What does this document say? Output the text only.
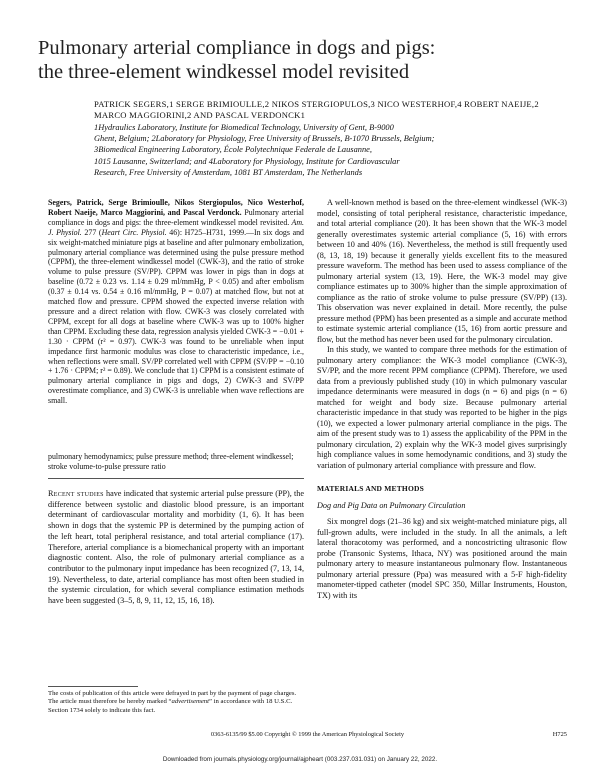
Pulmonary arterial compliance in dogs and pigs:
the three-element windkessel model revisited
PATRICK SEGERS,1 SERGE BRIMIOULLE,2 NIKOS STERGIOPULOS,3 NICO WESTERHOF,4 ROBERT NAEIJE,2 MARCO MAGGIORINI,2 AND PASCAL VERDONCK1
1Hydraulics Laboratory, Institute for Biomedical Technology, University of Gent, B-9000
Ghent, Belgium; 2Laboratory for Physiology, Free University of Brussels, B-1070 Brussels, Belgium;
3Biomedical Engineering Laboratory, École Polytechnique Federale de Lausanne,
1015 Lausanne, Switzerland; and 4Laboratory for Physiology, Institute for Cardiovascular
Research, Free University of Amsterdam, 1081 BT Amsterdam, The Netherlands
Segers, Patrick, Serge Brimioulle, Nikos Stergiopulos, Nico Westerhof, Robert Naeije, Marco Maggiorini, and Pascal Verdonck. Pulmonary arterial compliance in dogs and pigs: the three-element windkessel model revisited. Am. J. Physiol. 277 (Heart Circ. Physiol. 46): H725–H731, 1999.—In six dogs and six weight-matched miniature pigs at baseline and after pulmonary embolization, pulmonary arterial compliance was determined using the pulse pressure method (CPPM), the three-element windkessel model (CWK-3), and the ratio of stroke volume to pulse pressure (SV/PP). CPPM was lower in pigs than in dogs at baseline (0.72 ± 0.23 vs. 1.14 ± 0.29 ml/mmHg, P < 0.05) and after embolism (0.37 ± 0.14 vs. 0.54 ± 0.16 ml/mmHg, P = 0.07) at matched flow, but not at matched flow and pressure. CPPM showed the expected inverse relation with pressure and a direct relation with flow. CWK-3 was closely correlated with CPPM, except for all dogs at baseline where CWK-3 was up to 100% higher than CPPM. Excluding these data, regression analysis yielded CWK-3 = −0.01 + 1.30 · CPPM (r² = 0.97). CWK-3 was found to be unreliable when input impedance first harmonic modulus was close to characteristic impedance, i.e., when reflections were small. SV/PP correlated well with CPPM (SV/PP = −0.10 + 1.76 · CPPM; r² = 0.89). We conclude that 1) CPPM is a consistent estimate of pulmonary arterial compliance in pigs and dogs, 2) CWK-3 and SV/PP overestimate compliance, and 3) CWK-3 is unreliable when wave reflections are small.
pulmonary hemodynamics; pulse pressure method; three-element windkessel; stroke volume-to-pulse pressure ratio
Recent studies have indicated that systemic arterial pulse pressure (PP), the difference between systolic and diastolic blood pressure, is an important determinant of cardiovascular mortality and morbidity (1, 6). It has been shown in dogs that the systemic PP is determined by the pumping action of the left heart, total peripheral resistance, and total arterial compliance (17). Therefore, arterial compliance is a biomechanical property with an important diagnostic content. Also, the role of pulmonary arterial compliance as a contributor to the pulmonary input impedance has been recognized (7, 13, 14, 19). Nevertheless, to date, arterial compliance has most often been studied in the systemic circulation, for which several compliance estimation methods have been suggested (3–5, 8, 9, 11, 12, 15, 16, 18).
The costs of publication of this article were defrayed in part by the payment of page charges. The article must therefore be hereby marked “advertisement” in accordance with 18 U.S.C. Section 1734 solely to indicate this fact.

A well-known method is based on the three-element windkessel (WK-3) model, consisting of total peripheral resistance, characteristic impedance, and total arterial compliance (20). It has been shown that the WK-3 model generally overestimates systemic arterial compliance (5, 16) with errors between 10 and 40% (16). Nevertheless, the method is still frequently used (8, 13, 18, 19) because it generally yields excellent fits to the measured pressure waveform. The method has been used to assess compliance of the pulmonary arterial system (13, 19). Here, the WK-3 model may give compliance estimates up to 300% higher than the simple approximation of compliance as the ratio of stroke volume to pulse pressure (SV/PP) (13). This observation was never explained in detail. More recently, the pulse pressure method (PPM) has been presented as a simple and accurate method to estimate systemic arterial compliance (15, 16) from aortic pressure and flow, but the method has never been used for the pulmonary circulation.

In this study, we wanted to compare three methods for the estimation of pulmonary artery compliance: the WK-3 model compliance (CWK-3), SV/PP, and the more recent PPM compliance (CPPM). Therefore, we used data from a previously published study (10) in which pulmonary vascular impedance determinants were measured in dogs (n = 6) and pigs (n = 6) matched for weight and body size. Because pulmonary arterial characteristic impedance in that study was reported to be higher in the pigs (10), we expected a lower pulmonary arterial compliance in the pigs. The aim of the present study was to 1) assess the applicability of the PPM in the pulmonary circulation, 2) explain why the WK-3 model gives surprisingly high compliance values in some hemodynamic conditions, and 3) study the variation of pulmonary arterial compliance with pressure and flow.

MATERIALS AND METHODS

Dog and Pig Data on Pulmonary Circulation

Six mongrel dogs (21–36 kg) and six weight-matched miniature pigs, all full-grown adults, were included in the study. In all the animals, a left lateral thoracotomy was performed, and a noncostricting ultrasonic flow probe (Transonic Systems, Ithaca, NY) was positioned around the main pulmonary artery to measure instantaneous pulmonary flow. Instantaneous pulmonary arterial pressure (Ppa) was measured with a 5-F high-fidelity manometer-tipped catheter (model SPC 350, Millar Instruments, Houston, TX) with its

0363-6135/99 $5.00 Copyright © 1999 the American Physiological Society	H725
Downloaded from journals.physiology.org/journal/ajpheart (003.237.031.031) on January 22, 2022.
